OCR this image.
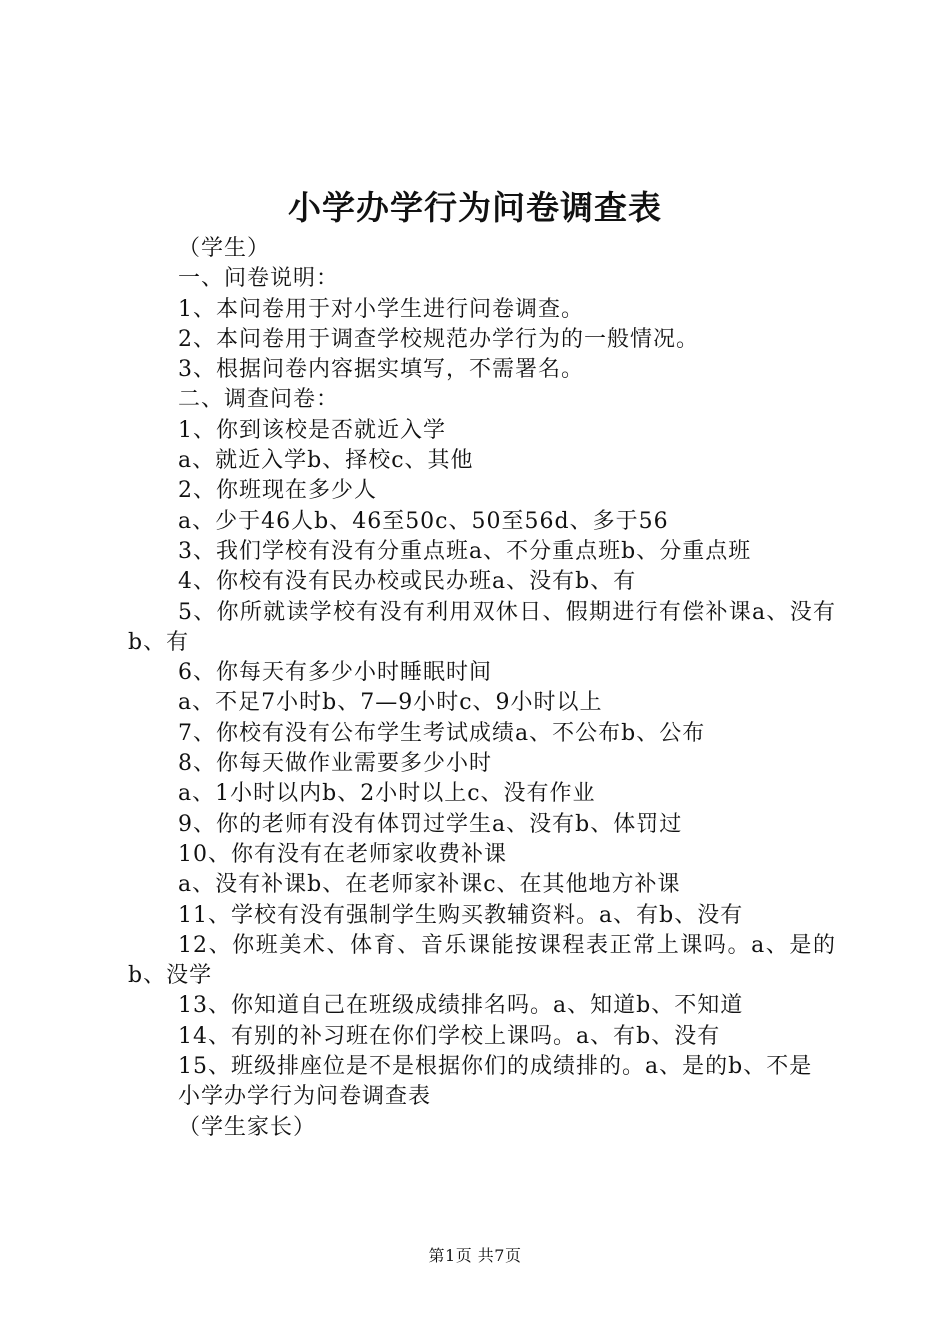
小学办学行为问卷调查表

（学生）

一、问卷说明：

1、本问卷用于对小学生进行问卷调查。

2、本问卷用于调查学校规范办学行为的一般情况。

3、根据问卷内容据实填写，不需署名。

二、调查问卷：

1、你到该校是否就近入学

a、就近入学b、择校c、其他

2、你班现在多少人

a、少于46人b、46至50c、50至56d、多于56

3、我们学校有没有分重点班a、不分重点班b、分重点班

4、你校有没有民办校或民办班a、没有b、有

5、你所就读学校有没有利用双休日、假期进行有偿补课a、没有b、有

6、你每天有多少小时睡眠时间

a、不足7小时b、7—9小时c、9小时以上

7、你校有没有公布学生考试成绩a、不公布b、公布

8、你每天做作业需要多少小时

a、1小时以内b、2小时以上c、没有作业

9、你的老师有没有体罚过学生a、没有b、体罚过

10、你有没有在老师家收费补课

a、没有补课b、在老师家补课c、在其他地方补课

11、学校有没有强制学生购买教辅资料。a、有b、没有

12、你班美术、体育、音乐课能按课程表正常上课吗。a、是的b、没学

13、你知道自己在班级成绩排名吗。a、知道b、不知道

14、有别的补习班在你们学校上课吗。a、有b、没有

15、班级排座位是不是根据你们的成绩排的。a、是的b、不是

小学办学行为问卷调查表

（学生家长）

第1页 共7页
